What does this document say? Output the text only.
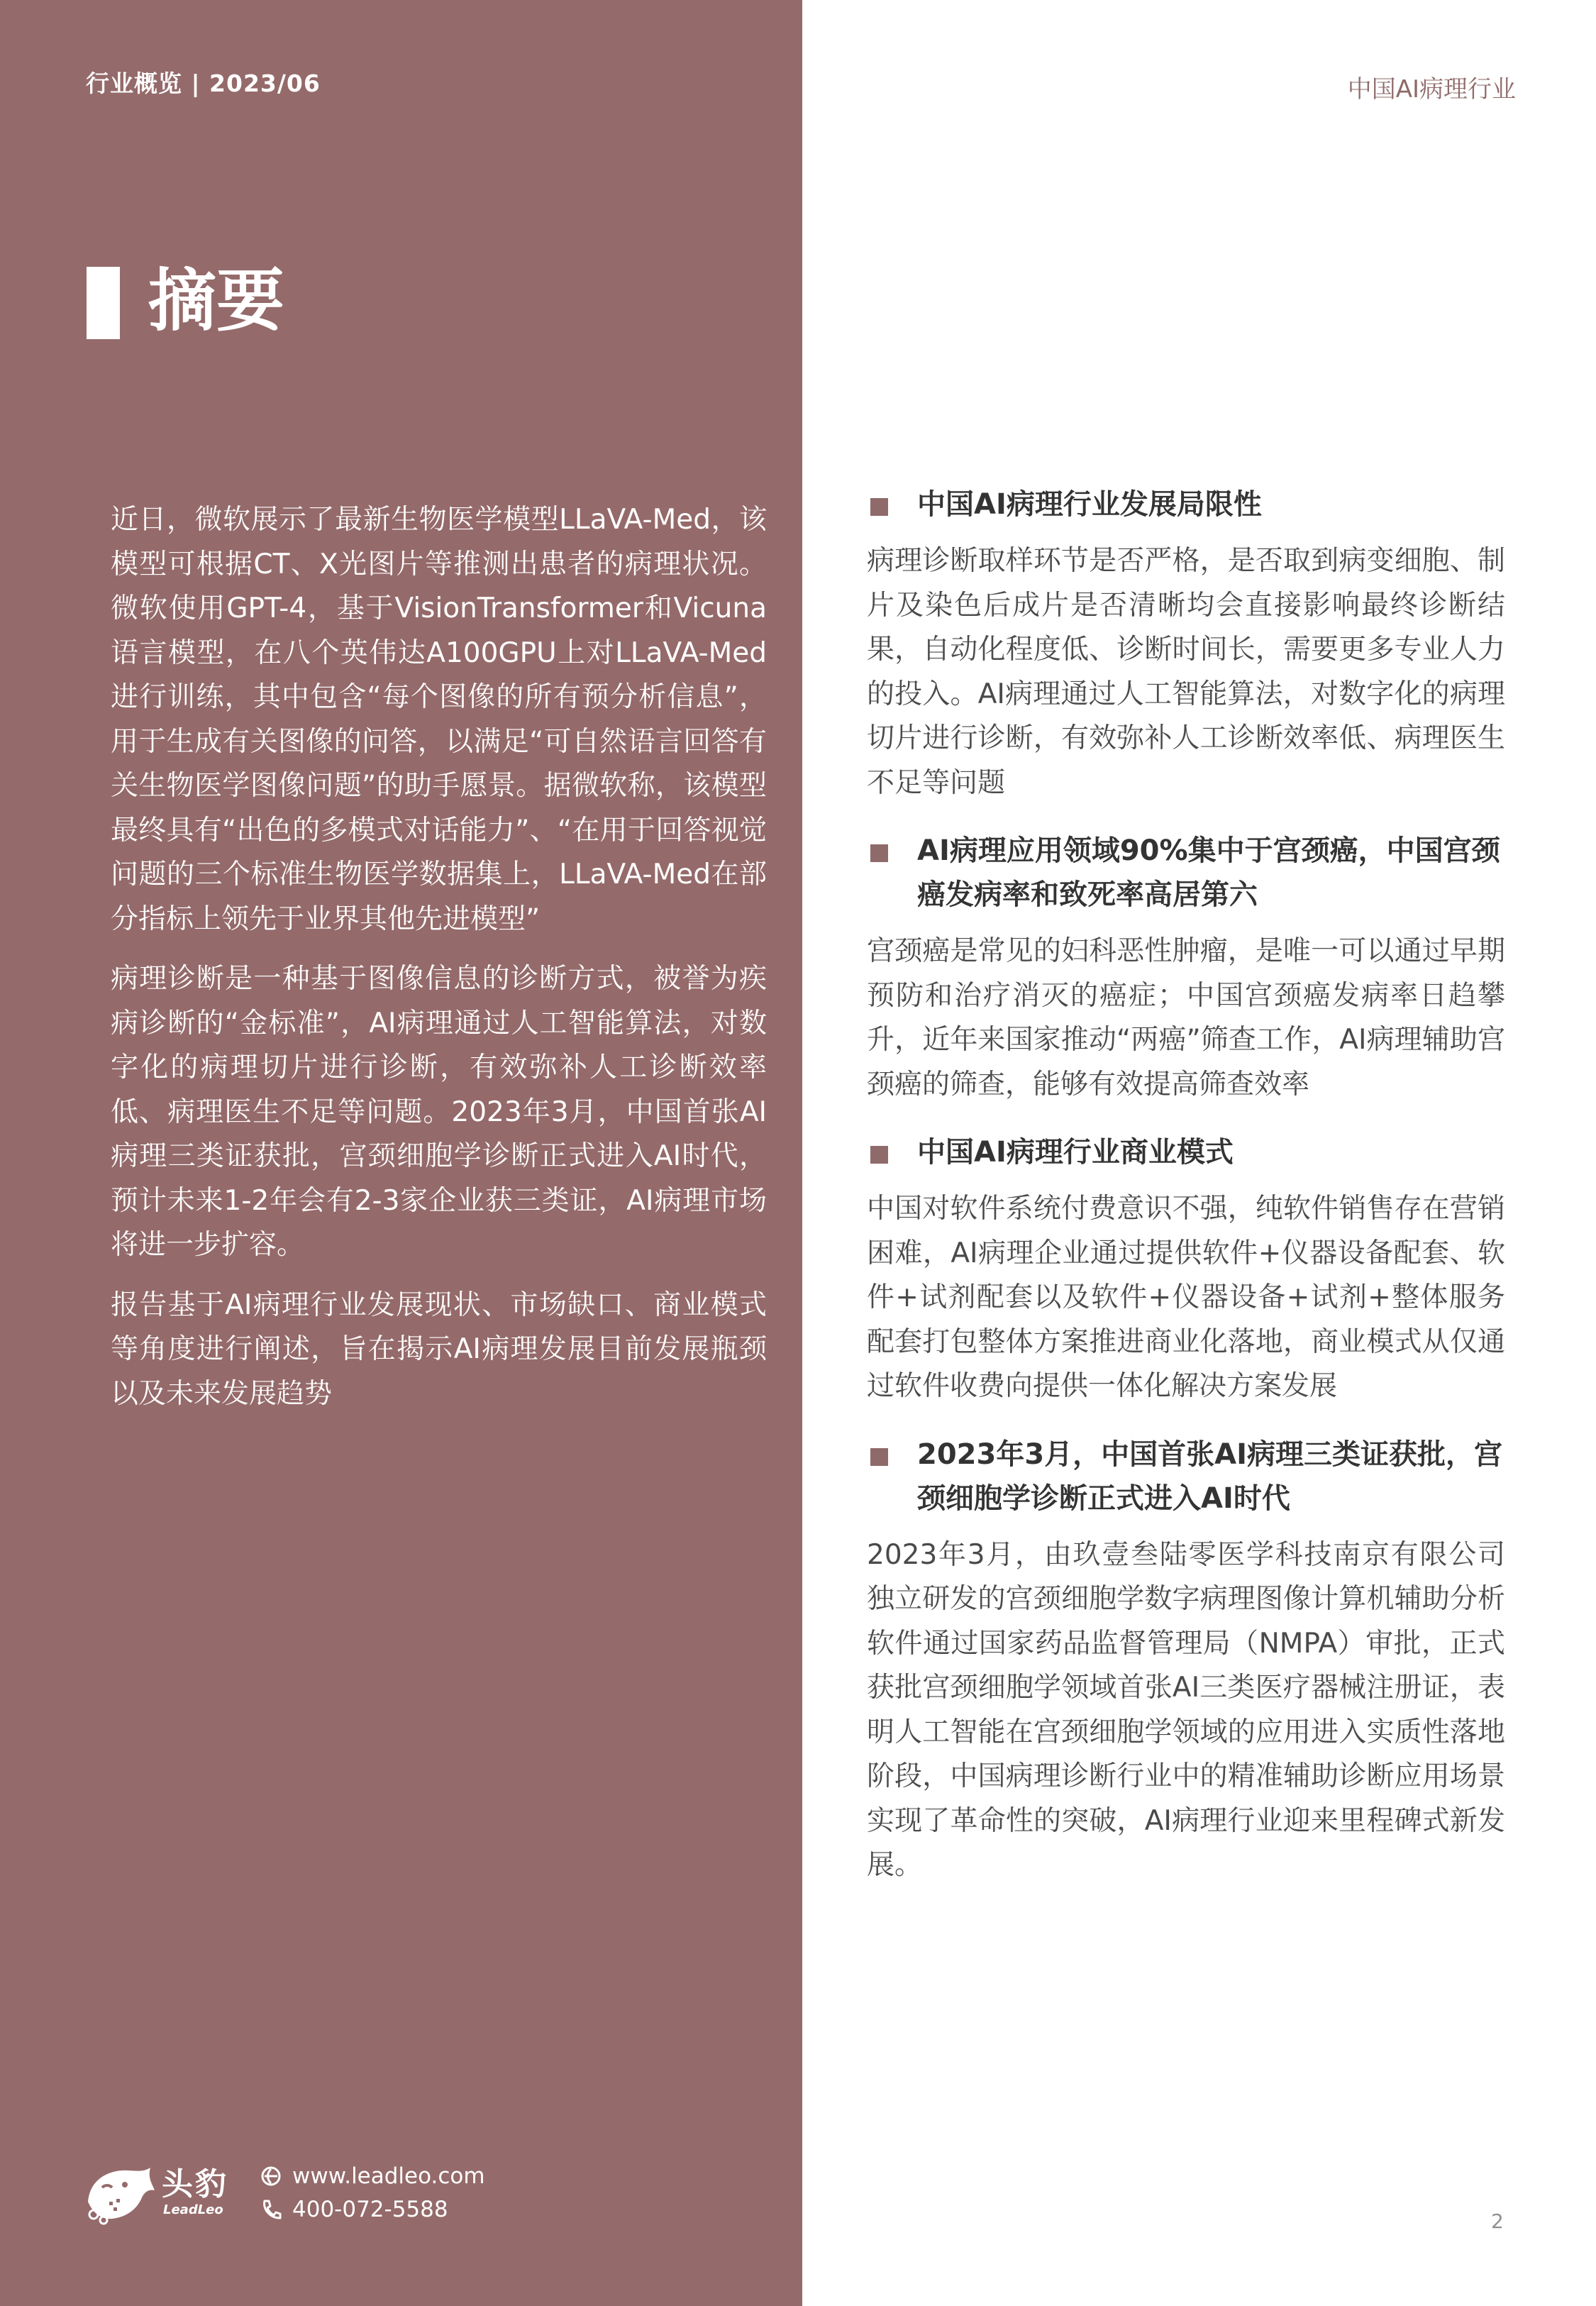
行业概览 | 2023/06	中国AI病理行业
摘要

近日，微软展示了最新生物医学模型LLaVA-Med，该模型可根据CT、X光图片等推测出患者的病理状况。微软使用GPT-4，基于VisionTransformer和Vicuna语言模型，在八个英伟达A100GPU上对LLaVA-Med进行训练，其中包含“每个图像的所有预分析信息”，用于生成有关图像的问答，以满足“可自然语言回答有关生物医学图像问题”的助手愿景。据微软称，该模型最终具有“出色的多模式对话能力”、“在用于回答视觉问题的三个标准生物医学数据集上，LLaVA-Med在部分指标上领先于业界其他先进模型”

病理诊断是一种基于图像信息的诊断方式，被誉为疾病诊断的“金标准”，AI病理通过人工智能算法，对数字化的病理切片进行诊断，有效弥补人工诊断效率低、病理医生不足等问题。2023年3月，中国首张AI病理三类证获批，宫颈细胞学诊断正式进入AI时代，预计未来1-2年会有2-3家企业获三类证，AI病理市场将进一步扩容。

报告基于AI病理行业发展现状、市场缺口、商业模式等角度进行阐述，旨在揭示AI病理发展目前发展瓶颈以及未来发展趋势

中国AI病理行业发展局限性
病理诊断取样环节是否严格，是否取到病变细胞、制片及染色后成片是否清晰均会直接影响最终诊断结果，自动化程度低、诊断时间长，需要更多专业人力的投入。AI病理通过人工智能算法，对数字化的病理切片进行诊断，有效弥补人工诊断效率低、病理医生不足等问题
AI病理应用领域90%集中于宫颈癌，中国宫颈癌发病率和致死率高居第六
宫颈癌是常见的妇科恶性肿瘤，是唯一可以通过早期预防和治疗消灭的癌症；中国宫颈癌发病率日趋攀升，近年来国家推动“两癌”筛查工作，AI病理辅助宫颈癌的筛查，能够有效提高筛查效率
中国AI病理行业商业模式
中国对软件系统付费意识不强，纯软件销售存在营销困难，AI病理企业通过提供软件+仪器设备配套、软件+试剂配套以及软件+仪器设备+试剂+整体服务配套打包整体方案推进商业化落地，商业模式从仅通过软件收费向提供一体化解决方案发展
2023年3月，中国首张AI病理三类证获批，宫颈细胞学诊断正式进入AI时代
2023年3月，由玖壹叁陆零医学科技南京有限公司独立研发的宫颈细胞学数字病理图像计算机辅助分析软件通过国家药品监督管理局（NMPA）审批，正式获批宫颈细胞学领域首张AI三类医疗器械注册证，表明人工智能在宫颈细胞学领域的应用进入实质性落地阶段，中国病理诊断行业中的精准辅助诊断应用场景实现了革命性的突破，AI病理行业迎来里程碑式新发展。
头豹
LeadLeo
www.leadleo.com
400-072-5588	2
